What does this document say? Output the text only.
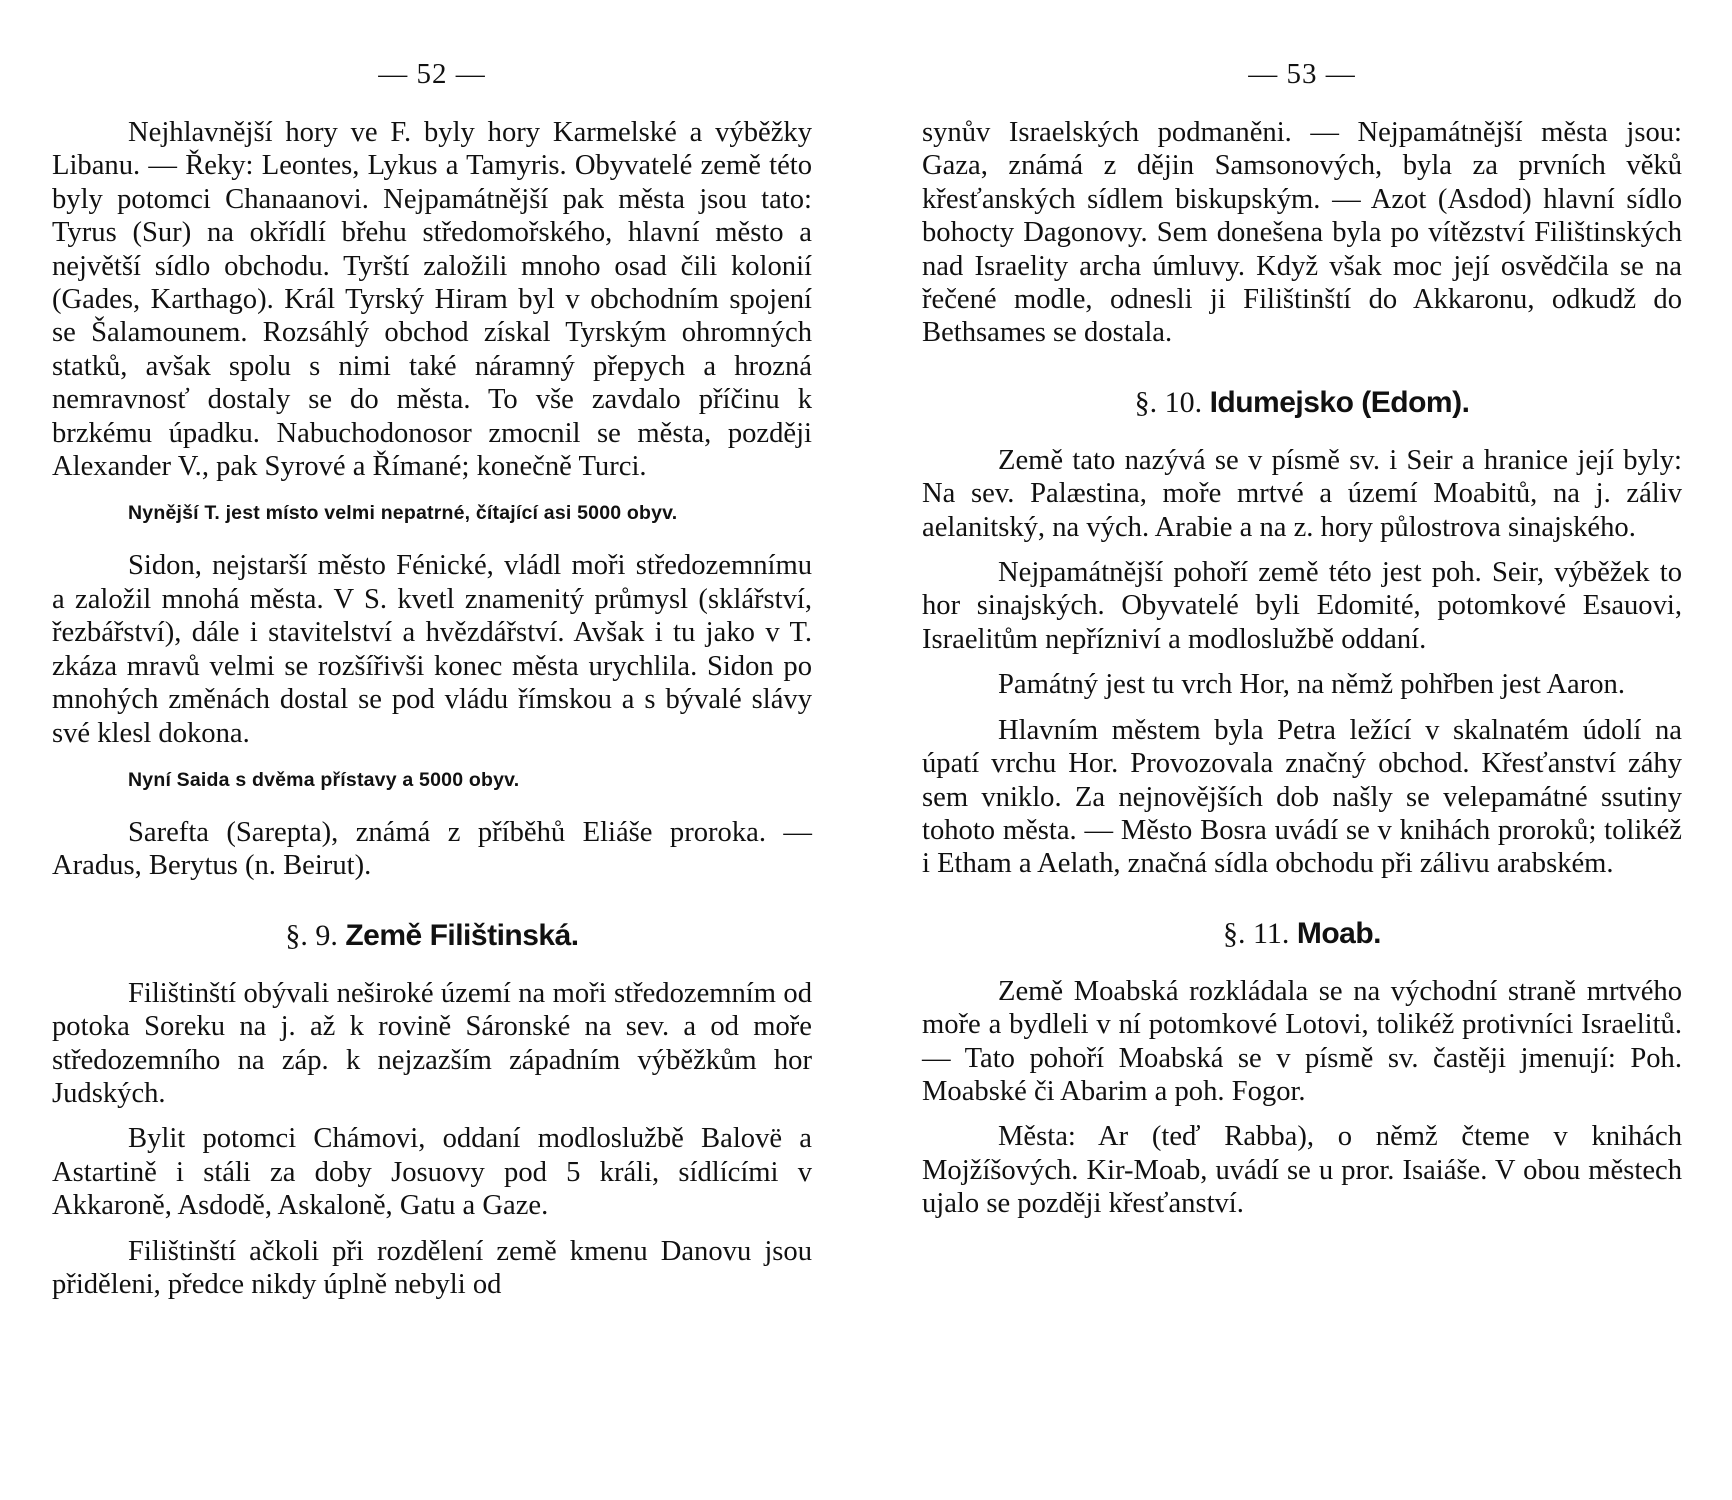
— 52 —

Nejhlavnější hory ve F. byly hory Karmelské a výběžky Libanu. — Řeky: Leontes, Lykus a Tamyris. Obyvatelé země této byly potomci Chanaanovi. Nejpamátnější pak města jsou tato: Tyrus (Sur) na okřídlí břehu středomořského, hlavní město a největší sídlo obchodu. Tyrští založili mnoho osad čili kolonií (Gades, Karthago). Král Tyrský Hiram byl v obchodním spojení se Šalamounem. Rozsáhlý obchod získal Tyrským ohromných statků, avšak spolu s nimi také náramný přepych a hrozná nemravnosť dostaly se do města. To vše zavdalo příčinu k brzkému úpadku. Nabuchodonosor zmocnil se města, později Alexander V., pak Syrové a Římané; konečně Turci.

Nynější T. jest místo velmi nepatrné, čítající asi 5000 obyv.

Sidon, nejstarší město Fénické, vládl moři středozemnímu a založil mnohá města. V S. kvetl znamenitý průmysl (sklářství, řezbářství), dále i stavitelství a hvězdářství. Avšak i tu jako v T. zkáza mravů velmi se rozšířivši konec města urychlila. Sidon po mnohých změnách dostal se pod vládu římskou a s bývalé slávy své klesl dokona.

Nyní Saida s dvěma přístavy a 5000 obyv.

Sarefta (Sarepta), známá z příběhů Eliáše proroka. — Aradus, Berytus (n. Beirut).

§. 9. Země Filištinská.

Filištinští obývali neširoké území na moři středozemním od potoka Soreku na j. až k rovině Sáronské na sev. a od moře středozemního na záp. k nejzazším západním výběžkům hor Judských.

Bylit potomci Chámovi, oddaní modloslužbě Balovë a Astartině i stáli za doby Josuovy pod 5 králi, sídlícími v Akkaroně, Asdodě, Askaloně, Gatu a Gaze.

Filištinští ačkoli při rozdělení země kmenu Danovu jsou přiděleni, předce nikdy úplně nebyli od

— 53 —

synův Israelských podmaněni. — Nejpamátnější města jsou: Gaza, známá z dějin Samsonových, byla za prvních věků křesťanských sídlem biskupským. — Azot (Asdod) hlavní sídlo bohocty Dagonovy. Sem donešena byla po vítězství Filištinských nad Israelity archa úmluvy. Když však moc její osvědčila se na řečené modle, odnesli ji Filištinští do Akkaronu, odkudž do Bethsames se dostala.

§. 10. Idumejsko (Edom).

Země tato nazývá se v písmě sv. i Seir a hranice její byly: Na sev. Palæstina, moře mrtvé a území Moabitů, na j. záliv aelanitský, na vých. Arabie a na z. hory půlostrova sinajského.

Nejpamátnější pohoří země této jest poh. Seir, výběžek to hor sinajských. Obyvatelé byli Edomité, potomkové Esauovi, Israelitům nepřízniví a modloslužbě oddaní.

Památný jest tu vrch Hor, na němž pohřben jest Aaron.

Hlavním městem byla Petra ležící v skalnatém údolí na úpatí vrchu Hor. Provozovala značný obchod. Křesťanství záhy sem vniklo. Za nejnovějších dob našly se velepamátné ssutiny tohoto města. — Město Bosra uvádí se v knihách proroků; tolikéž i Etham a Aelath, značná sídla obchodu při zálivu arabském.

§. 11. Moab.

Země Moabská rozkládala se na východní straně mrtvého moře a bydleli v ní potomkové Lotovi, tolikéž protivníci Israelitů. — Tato pohoří Moabská se v písmě sv. častěji jmenují: Poh. Moabské či Abarim a poh. Fogor.

Města: Ar (teď Rabba), o němž čteme v knihách Mojžíšových. Kir-Moab, uvádí se u pror. Isaiáše. V obou městech ujalo se později křesťanství.
